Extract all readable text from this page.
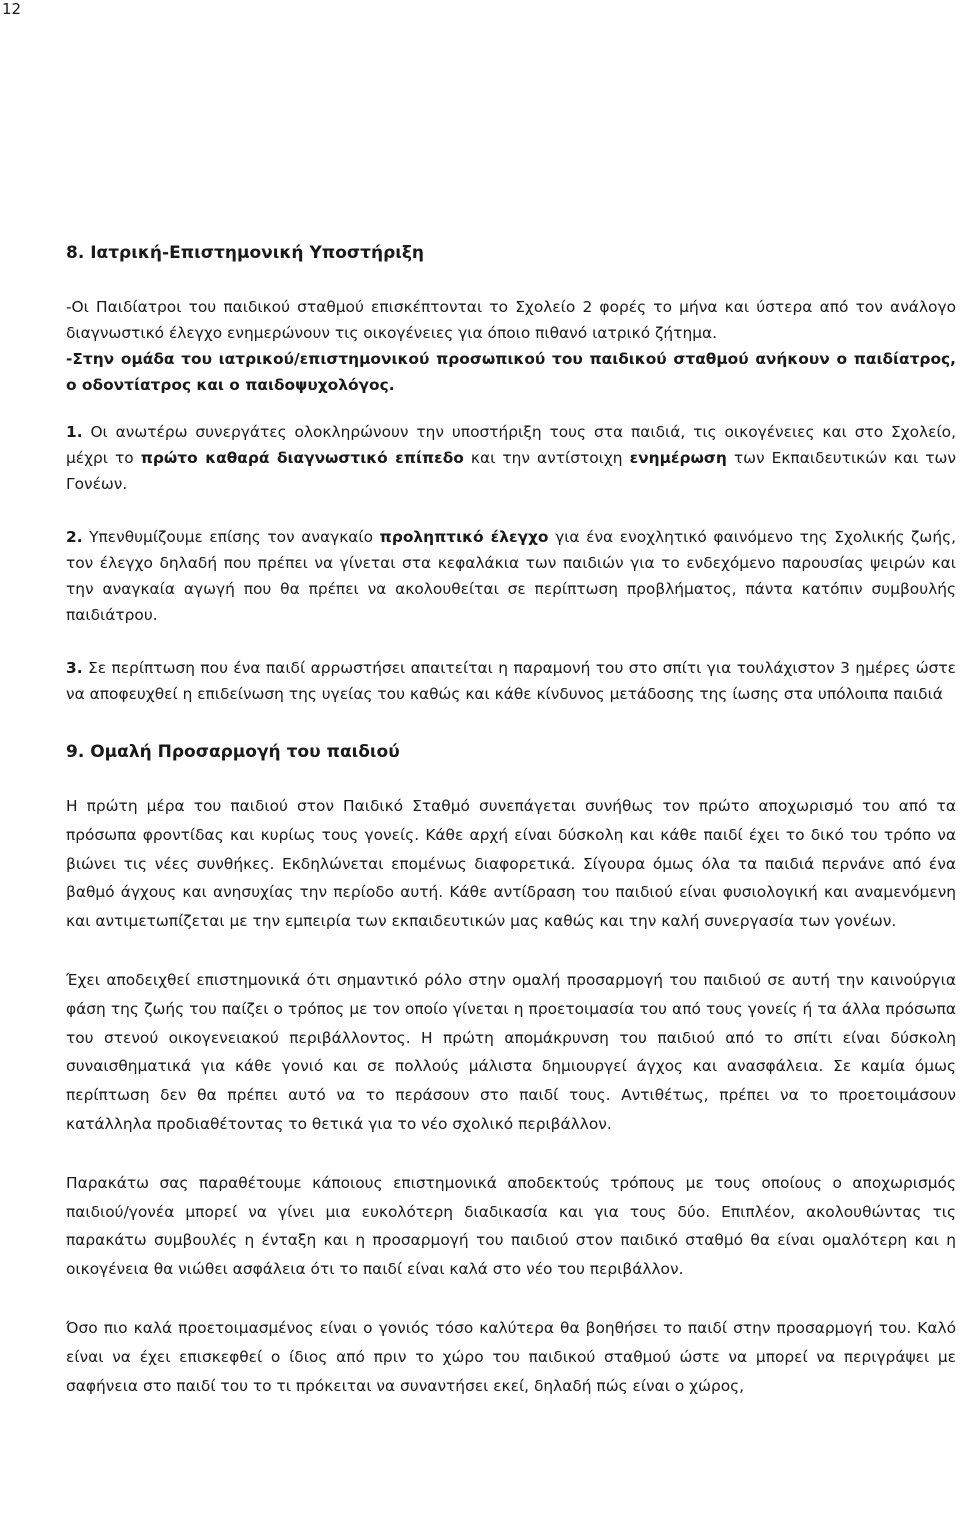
12

8. Ιατρική-Επιστημονική Υποστήριξη

-Οι Παιδίατροι του παιδικού σταθμού επισκέπτονται το Σχολείο 2 φορές το μήνα και ύστερα από τον ανάλογο διαγνωστικό έλεγχο ενημερώνουν τις οικογένειες για όποιο πιθανό ιατρικό ζήτημα.

-Στην ομάδα του ιατρικού/επιστημονικού προσωπικού του παιδικού σταθμού ανήκουν ο παιδίατρος, ο οδοντίατρος και ο παιδοψυχολόγος.

1. Οι ανωτέρω συνεργάτες ολοκληρώνουν την υποστήριξη τους στα παιδιά, τις οικογένειες και στο Σχολείο, μέχρι το πρώτο καθαρά διαγνωστικό επίπεδο και την αντίστοιχη ενημέρωση των Εκπαιδευτικών και των Γονέων.

2. Υπενθυμίζουμε επίσης τον αναγκαίο προληπτικό έλεγχο για ένα ενοχλητικό φαινόμενο της Σχολικής ζωής, τον έλεγχο δηλαδή που πρέπει να γίνεται στα κεφαλάκια των παιδιών για το ενδεχόμενο παρουσίας ψειρών και την αναγκαία αγωγή που θα πρέπει να ακολουθείται σε περίπτωση προβλήματος, πάντα κατόπιν συμβουλής παιδιάτρου.

3. Σε περίπτωση που ένα παιδί αρρωστήσει απαιτείται η παραμονή του στο σπίτι για τουλάχιστον 3 ημέρες ώστε να αποφευχθεί η επιδείνωση της υγείας του καθώς και κάθε κίνδυνος μετάδοσης της ίωσης στα υπόλοιπα παιδιά

9. Ομαλή Προσαρμογή του παιδιού

Η πρώτη μέρα του παιδιού στον Παιδικό Σταθμό συνεπάγεται συνήθως τον πρώτο αποχωρισμό του από τα πρόσωπα φροντίδας και κυρίως τους γονείς. Κάθε αρχή είναι δύσκολη και κάθε παιδί έχει το δικό του τρόπο να βιώνει τις νέες συνθήκες. Εκδηλώνεται επομένως διαφορετικά. Σίγουρα όμως όλα τα παιδιά περνάνε από ένα βαθμό άγχους και ανησυχίας την περίοδο αυτή. Κάθε αντίδραση του παιδιού είναι φυσιολογική και αναμενόμενη και αντιμετωπίζεται με την εμπειρία των εκπαιδευτικών μας καθώς και την καλή συνεργασία των γονέων.

Έχει αποδειχθεί επιστημονικά ότι σημαντικό ρόλο στην ομαλή προσαρμογή του παιδιού σε αυτή την καινούργια φάση της ζωής του παίζει ο τρόπος με τον οποίο γίνεται η προετοιμασία του από τους γονείς ή τα άλλα πρόσωπα του στενού οικογενειακού περιβάλλοντος. Η πρώτη απομάκρυνση του παιδιού από το σπίτι είναι δύσκολη συναισθηματικά για κάθε γονιό και σε πολλούς μάλιστα δημιουργεί άγχος και ανασφάλεια. Σε καμία όμως περίπτωση δεν θα πρέπει αυτό να το περάσουν στο παιδί τους. Αντιθέτως, πρέπει να το προετοιμάσουν κατάλληλα προδιαθέτοντας το θετικά για το νέο σχολικό περιβάλλον.

Παρακάτω σας παραθέτουμε κάποιους επιστημονικά αποδεκτούς τρόπους με τους οποίους ο αποχωρισμός παιδιού/γονέα μπορεί να γίνει μια ευκολότερη διαδικασία και για τους δύο. Επιπλέον, ακολουθώντας τις παρακάτω συμβουλές η ένταξη και η προσαρμογή του παιδιού στον παιδικό σταθμό θα είναι ομαλότερη και η οικογένεια θα νιώθει ασφάλεια ότι το παιδί είναι καλά στο νέο του περιβάλλον.

Όσο πιο καλά προετοιμασμένος είναι ο γονιός τόσο καλύτερα θα βοηθήσει το παιδί στην προσαρμογή του. Καλό είναι να έχει επισκεφθεί ο ίδιος από πριν το χώρο του παιδικού σταθμού ώστε να μπορεί να περιγράψει με σαφήνεια στο παιδί του το τι πρόκειται να συναντήσει εκεί, δηλαδή πώς είναι ο χώρος,
